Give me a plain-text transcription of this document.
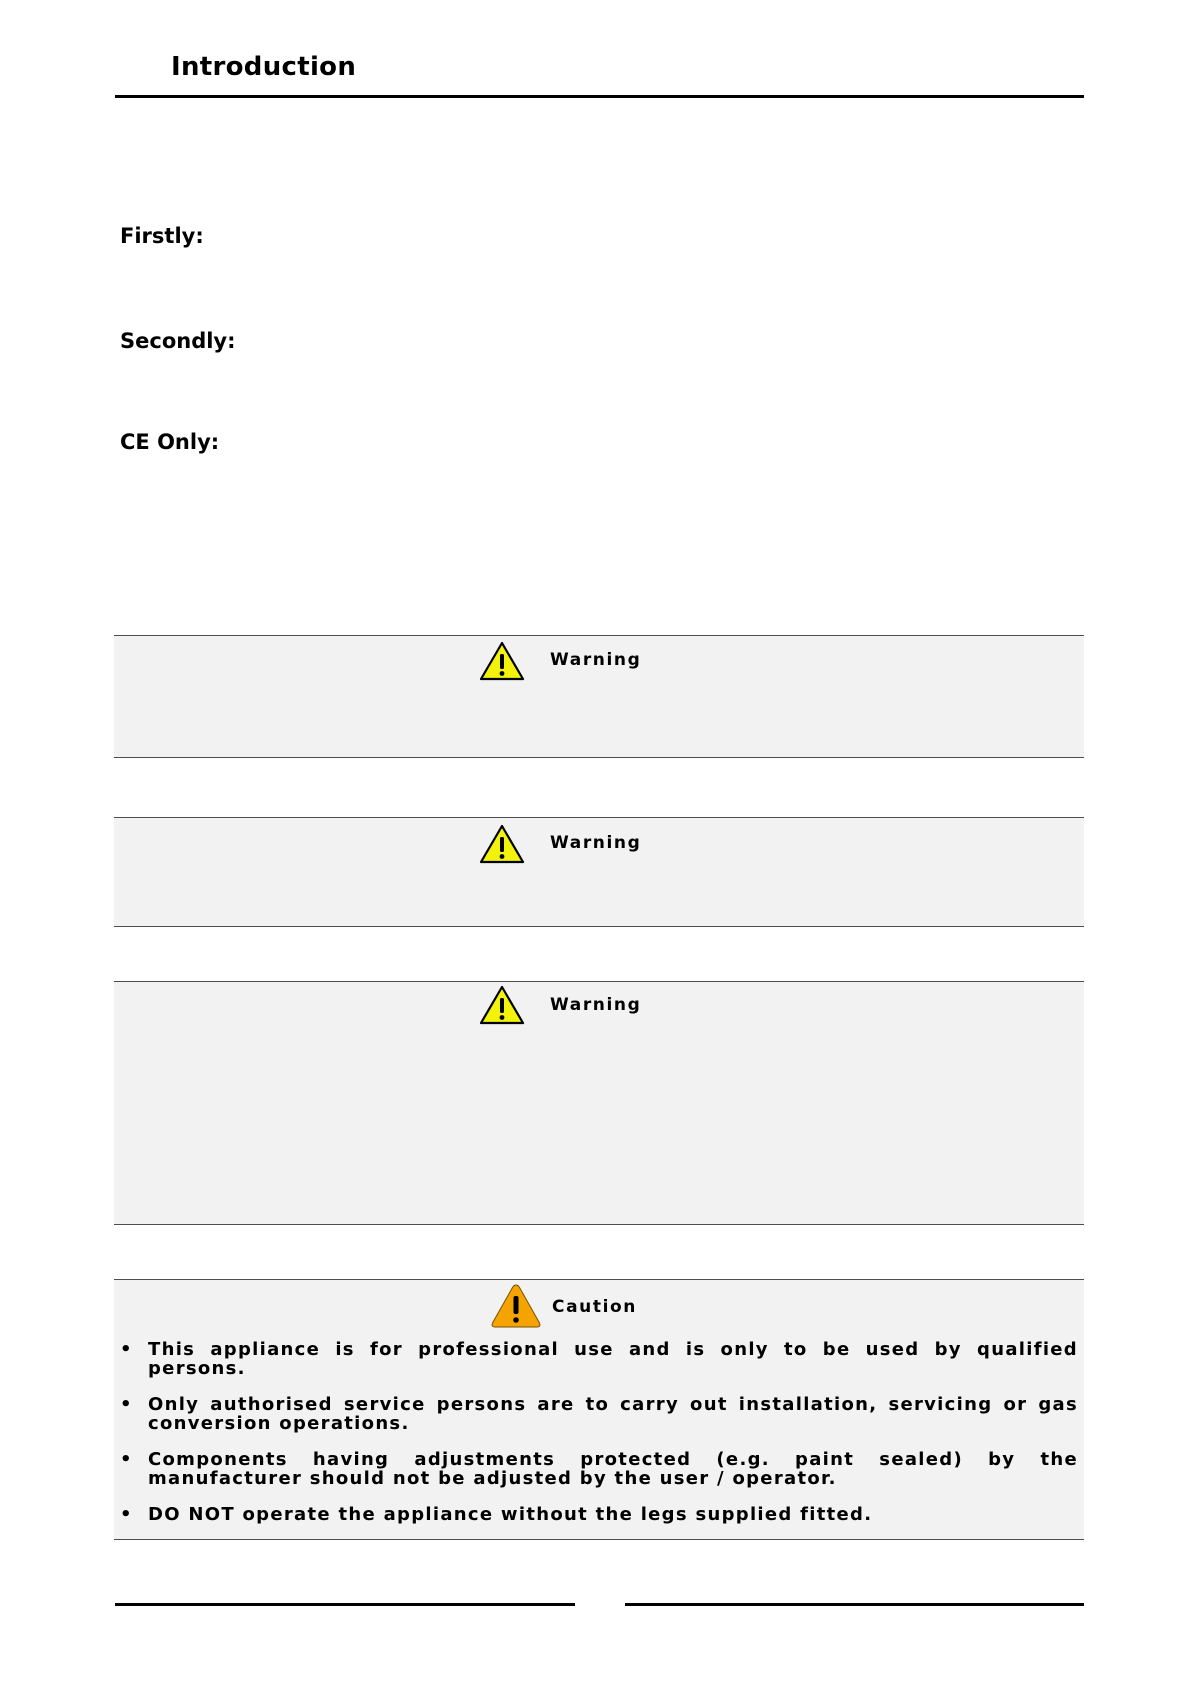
Introduction
Firstly:
Secondly:
CE Only:
Warning
Warning
Warning
Caution
• This appliance is for professional use and is only to be used by qualified persons.
• Only authorised service persons are to carry out installation, servicing or gas conversion operations.
• Components having adjustments protected (e.g. paint sealed) by the manufacturer should not be adjusted by the user / operator.
• DO NOT operate the appliance without the legs supplied fitted.
